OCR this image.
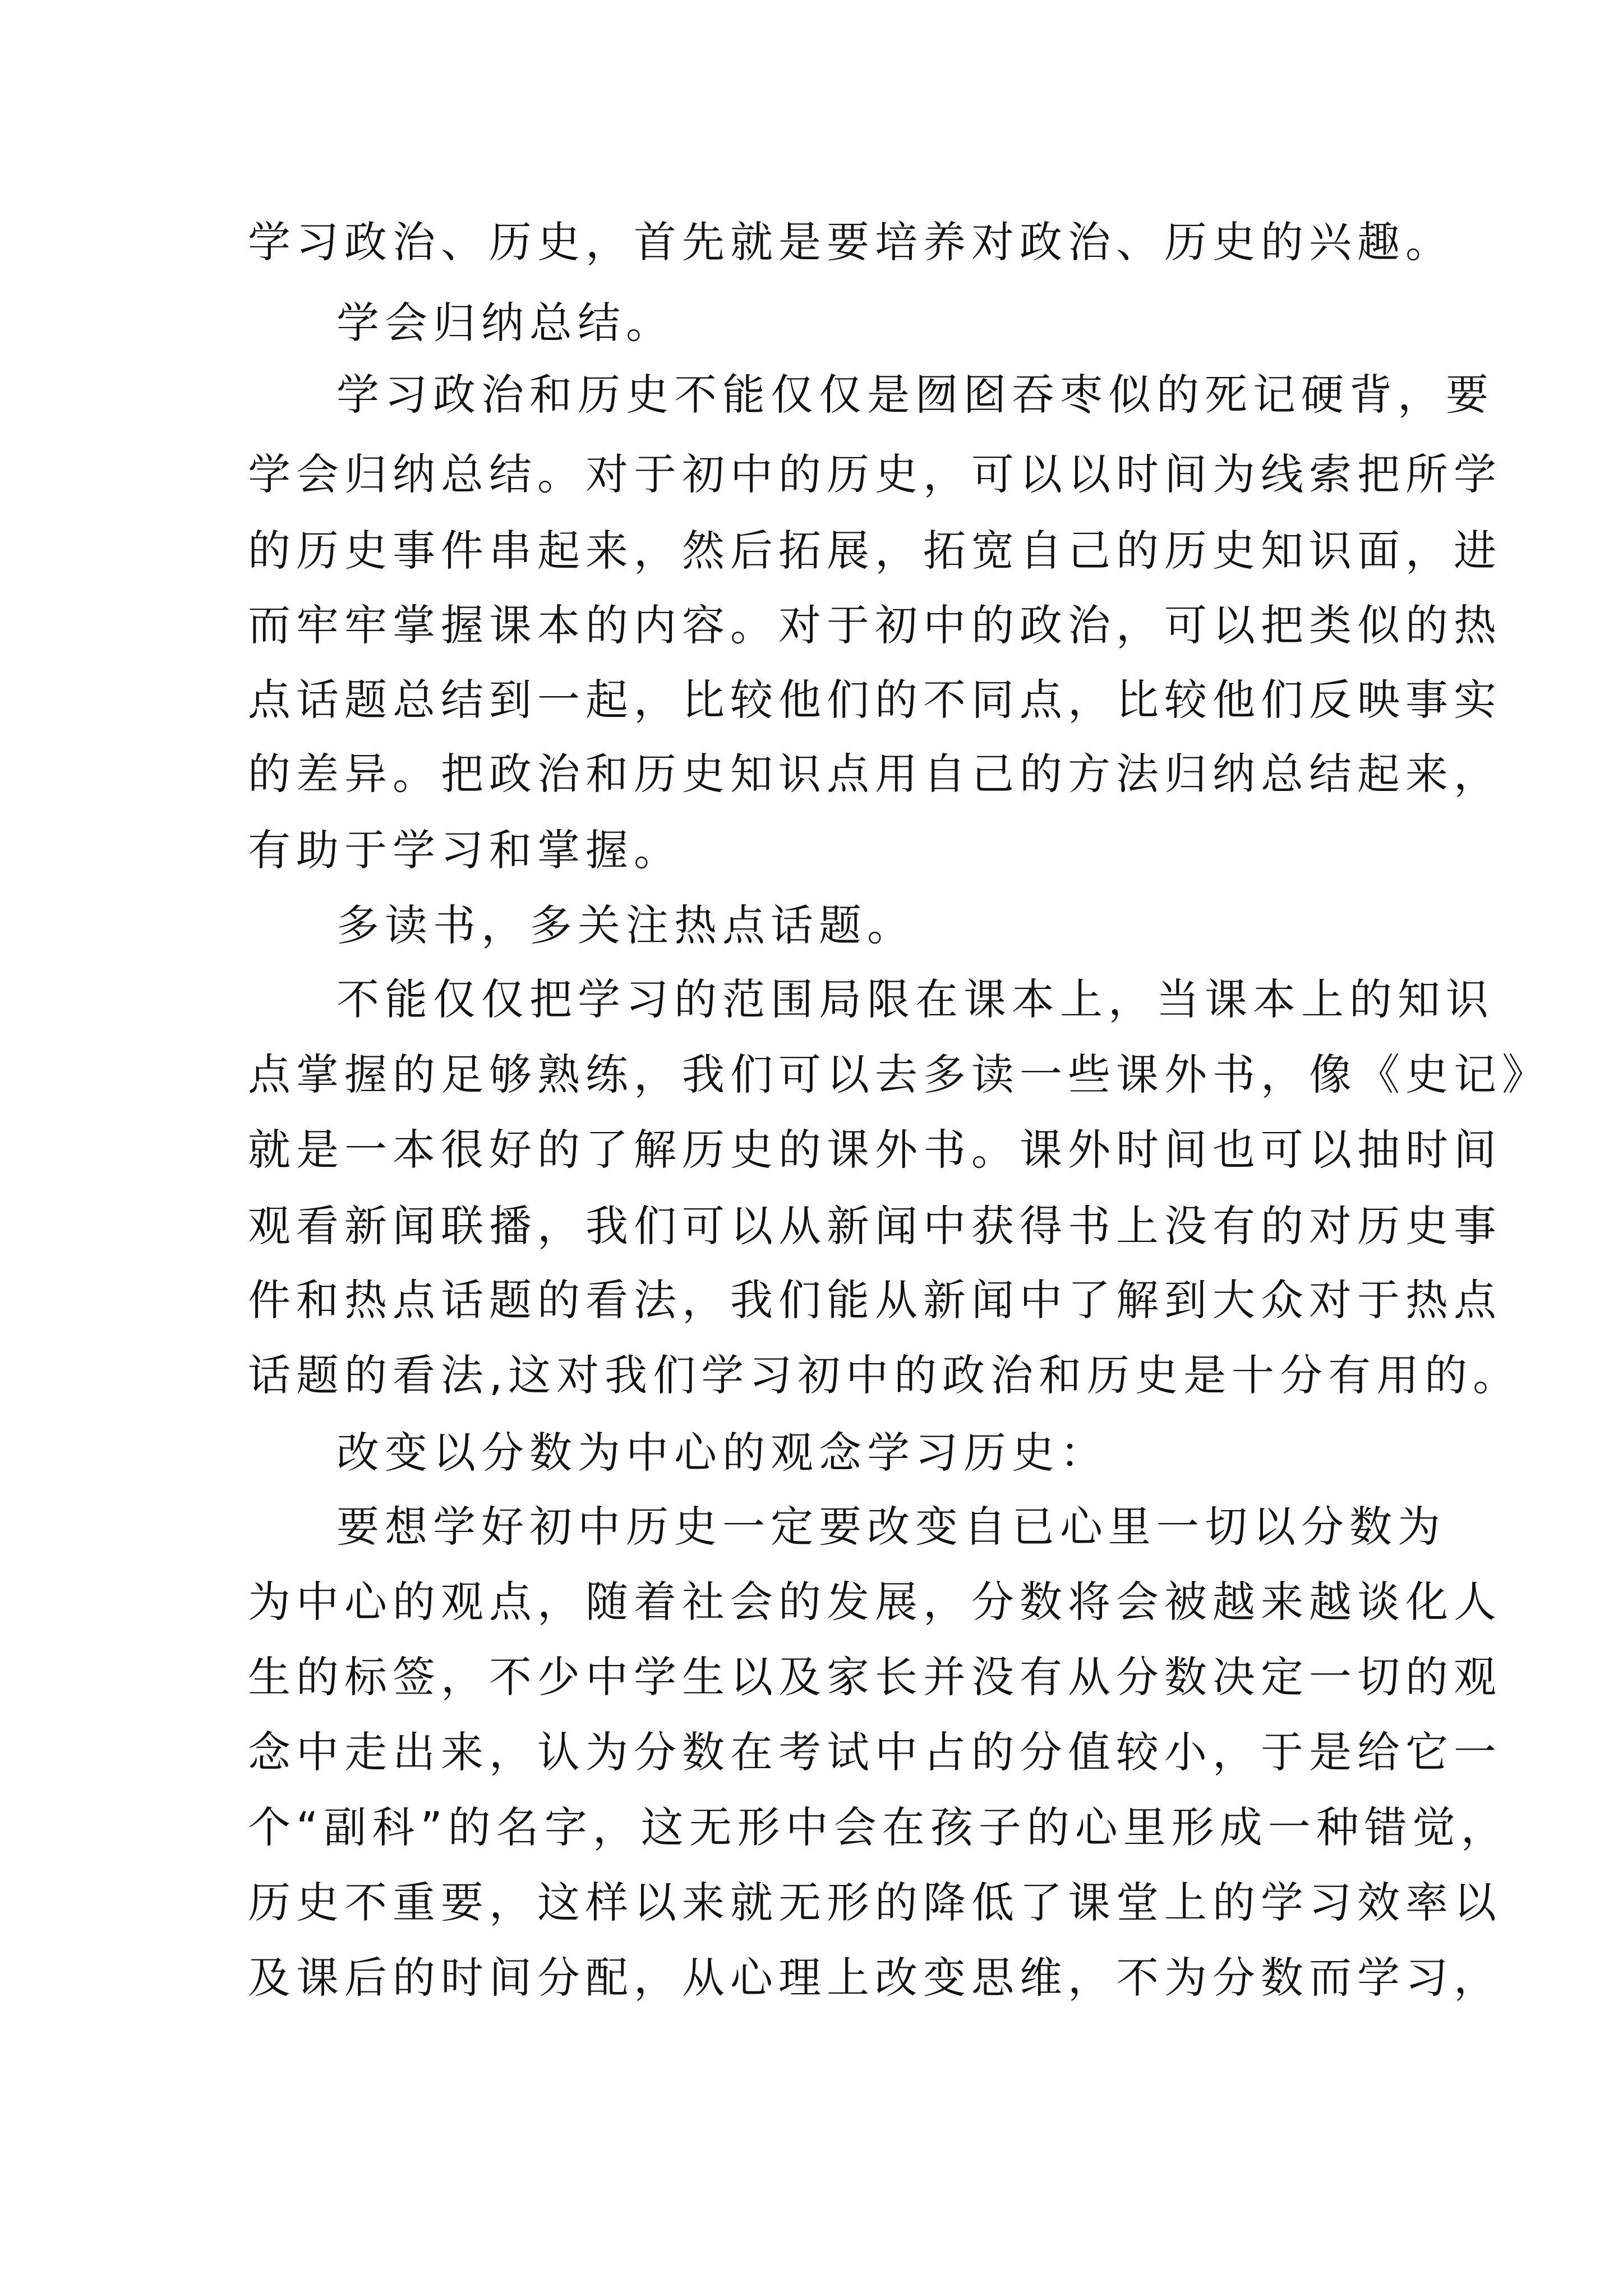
学习政治、历史，首先就是要培养对政治、历史的兴趣。
学会归纳总结。
学习政治和历史不能仅仅是囫囵吞枣似的死记硬背，要
学会归纳总结。对于初中的历史，可以以时间为线索把所学
的历史事件串起来，然后拓展，拓宽自己的历史知识面，进
而牢牢掌握课本的内容。对于初中的政治，可以把类似的热
点话题总结到一起，比较他们的不同点，比较他们反映事实
的差异。把政治和历史知识点用自己的方法归纳总结起来，
有助于学习和掌握。
多读书，多关注热点话题。
不能仅仅把学习的范围局限在课本上，当课本上的知识
点掌握的足够熟练，我们可以去多读一些课外书，像《史记》
就是一本很好的了解历史的课外书。课外时间也可以抽时间
观看新闻联播，我们可以从新闻中获得书上没有的对历史事
件和热点话题的看法，我们能从新闻中了解到大众对于热点
话题的看法,这对我们学习初中的政治和历史是十分有用的。
改变以分数为中心的观念学习历史：
要想学好初中历史一定要改变自已心里一切以分数为
为中心的观点，随着社会的发展，分数将会被越来越谈化人
生的标签，不少中学生以及家长并没有从分数决定一切的观
念中走出来，认为分数在考试中占的分值较小，于是给它一
个“副科”的名字，这无形中会在孩子的心里形成一种错觉，
历史不重要，这样以来就无形的降低了课堂上的学习效率以
及课后的时间分配，从心理上改变思维，不为分数而学习，
